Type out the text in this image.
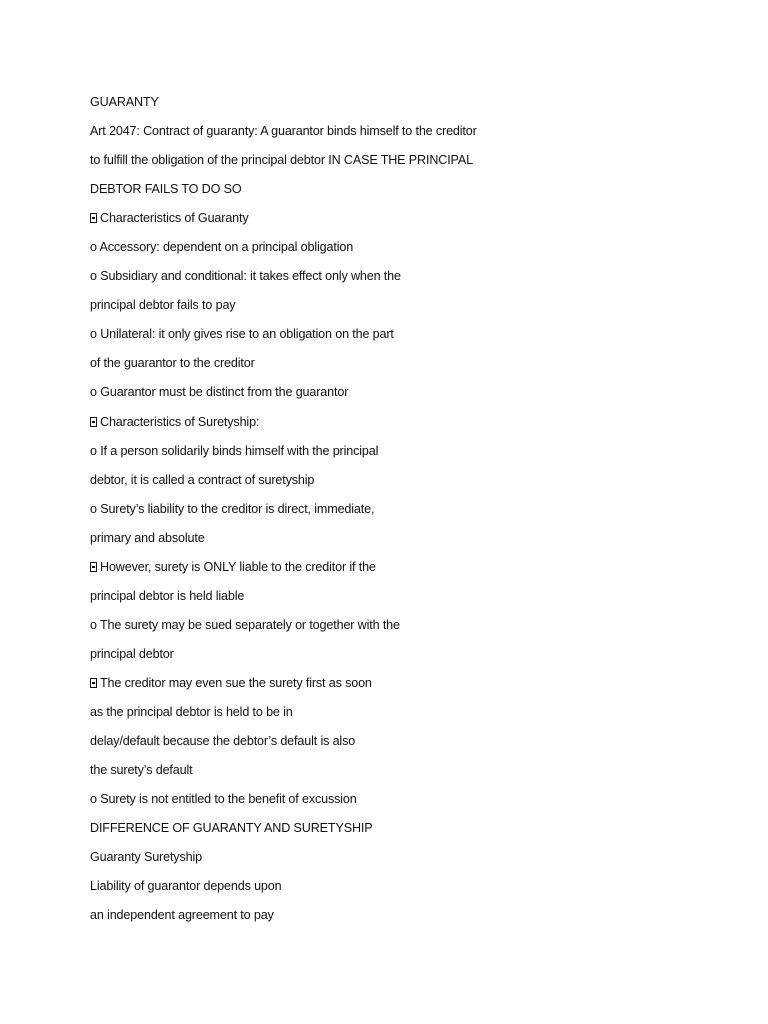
GUARANTY
Art 2047: Contract of guaranty: A guarantor binds himself to the creditor
to fulfill the obligation of the principal debtor IN CASE THE PRINCIPAL
DEBTOR FAILS TO DO SO
Characteristics of Guaranty
o Accessory: dependent on a principal obligation
o Subsidiary and conditional: it takes effect only when the
principal debtor fails to pay
o Unilateral: it only gives rise to an obligation on the part
of the guarantor to the creditor
o Guarantor must be distinct from the guarantor
Characteristics of Suretyship:
o If a person solidarily binds himself with the principal
debtor, it is called a contract of suretyship
o Surety’s liability to the creditor is direct, immediate,
primary and absolute
However, surety is ONLY liable to the creditor if the
principal debtor is held liable
o The surety may be sued separately or together with the
principal debtor
The creditor may even sue the surety first as soon
as the principal debtor is held to be in
delay/default because the debtor’s default is also
the surety’s default
o Surety is not entitled to the benefit of excussion
DIFFERENCE OF GUARANTY AND SURETYSHIP
Guaranty Suretyship
Liability of guarantor depends upon
an independent agreement to pay
